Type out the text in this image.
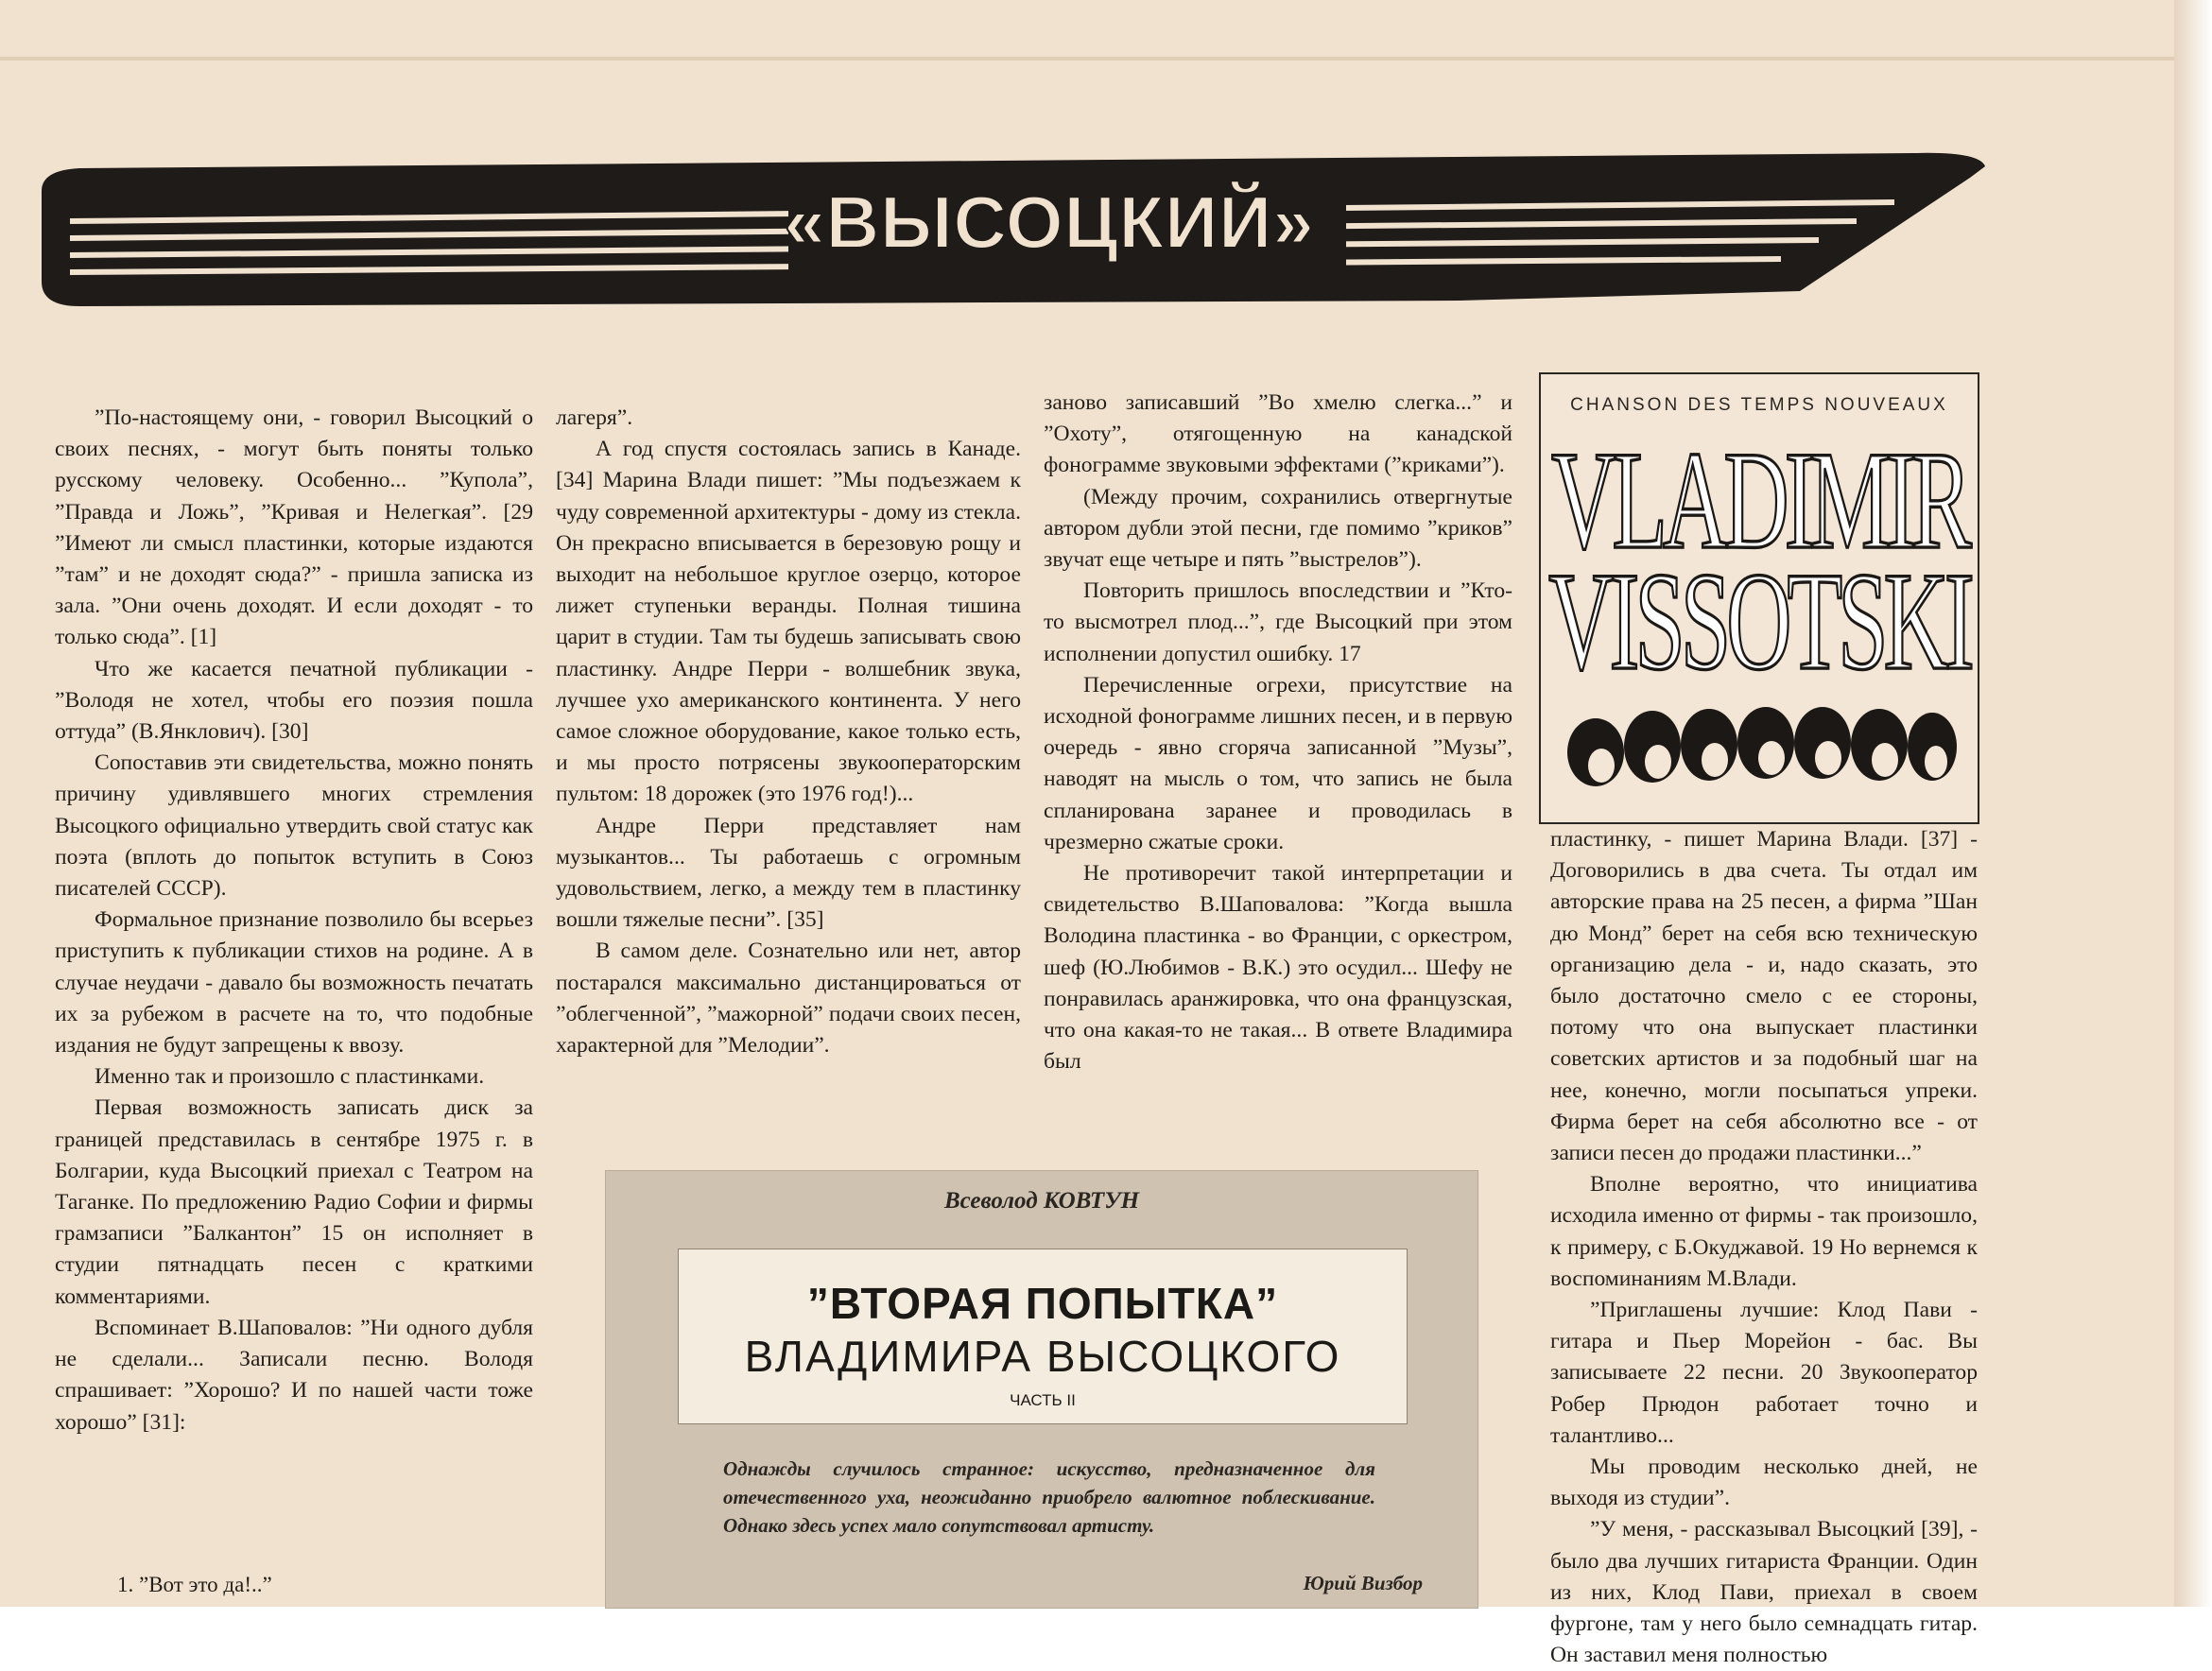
«ВЫСОЦКИЙ»

”По-настоящему они, - говорил Высоцкий о своих песнях, - могут быть поняты только русскому человеку. Особенно... ”Купола”, ”Правда и Ложь”, ”Кривая и Нелегкая”. [29 ”Имеют ли смысл пластинки, которые издаются ”там” и не доходят сюда?” - пришла записка из зала. ”Они очень доходят. И если доходят - то только сюда”. [1]

Что же касается печатной публикации - ”Володя не хотел, чтобы его поэзия пошла оттуда” (В.Янклович). [30]

Сопоставив эти свидетельства, можно понять причину удивлявшего многих стремления Высоцкого официально утвердить свой статус как поэта (вплоть до попыток вступить в Союз писателей СССР).

Формальное признание позволило бы всерьез приступить к публикации стихов на родине. А в случае неудачи - давало бы возможность печатать их за рубежом в расчете на то, что подобные издания не будут запрещены к ввозу.

Именно так и произошло с пластинками.

Первая возможность записать диск за границей представилась в сентябре 1975 г. в Болгарии, куда Высоцкий приехал с Театром на Таганке. По предложению Радио Софии и фирмы грамзаписи ”Балкантон” 15 он исполняет в студии пятнадцать песен с краткими комментариями.

Вспоминает В.Шаповалов: ”Ни одного дубля не сделали... Записали песню. Володя спрашивает: ”Хорошо? И по нашей части тоже хорошо” [31]:

лагеря”.

А год спустя состоялась запись в Канаде. [34] Марина Влади пишет: ”Мы подъезжаем к чуду современной архитектуры - дому из стекла. Он прекрасно вписывается в березовую рощу и выходит на небольшое круглое озерцо, которое лижет ступеньки веранды. Полная тишина царит в студии. Там ты будешь записывать свою пластинку. Андре Перри - волшебник звука, лучшее ухо американского континента. У него самое сложное оборудование, какое только есть, и мы просто потрясены звукооператорским пультом: 18 дорожек (это 1976 год!)...

Андре Перри представляет нам музыкантов... Ты работаешь с огромным удовольствием, легко, а между тем в пластинку вошли тяжелые песни”. [35]

В самом деле. Сознательно или нет, автор постарался максимально дистанцироваться от ”облегченной”, ”мажорной” подачи своих песен, характерной для ”Мелодии”.

заново записавший ”Во хмелю слегка...” и ”Охоту”, отягощенную на канадской фонограмме звуковыми эффектами (”криками”).

(Между прочим, сохранились отвергнутые автором дубли этой песни, где помимо ”криков” звучат еще четыре и пять ”выстрелов”).

Повторить пришлось впоследствии и ”Кто-то высмотрел плод...”, где Высоцкий при этом исполнении допустил ошибку. 17

Перечисленные огрехи, присутствие на исходной фонограмме лишних песен, и в первую очередь - явно сгоряча записанной ”Музы”, наводят на мысль о том, что запись не была спланирована заранее и проводилась в чрезмерно сжатые сроки.

Не противоречит такой интерпретации и свидетельство В.Шаповалова: ”Когда вышла Володина пластинка - во Франции, с оркестром, шеф (Ю.Любимов - В.К.) это осудил... Шефу не понравилась аранжировка, что она французская, что она какая-то не такая... В ответе Владимира был

CHANSON DES TEMPS NOUVEAUX
VLADIMIR
VISSOTSKI

пластинку, - пишет Марина Влади. [37] - Договорились в два счета. Ты отдал им авторские права на 25 песен, а фирма ”Шан дю Монд” берет на себя всю техническую организацию дела - и, надо сказать, это было достаточно смело с ее стороны, потому что она выпускает пластинки советских артистов и за подобный шаг на нее, конечно, могли посыпаться упреки. Фирма берет на себя абсолютно все - от записи песен до продажи пластинки...”

Вполне вероятно, что инициатива исходила именно от фирмы - так произошло, к примеру, с Б.Окуджавой. 19 Но вернемся к воспоминаниям М.Влади.

”Приглашены лучшие: Клод Пави - гитара и Пьер Морейон - бас. Вы записываете 22 песни. 20 Звукооператор Робер Прюдон работает точно и талантливо...

Мы проводим несколько дней, не выходя из студии”.

”У меня, - рассказывал Высоцкий [39], - было два лучших гитариста Франции. Один из них, Клод Пави, приехал в своем фургоне, там у него было семнадцать гитар. Он заставил меня полностью

Всеволод КОВТУН
”ВТОРАЯ ПОПЫТКА”
ВЛАДИМИРА ВЫСОЦКОГО
ЧАСТЬ II
Однажды случилось странное: искусство, предназначенное для отечественного уха, неожиданно приобрело валютное поблескивание. Однако здесь успех мало сопутствовал артисту.
Юрий Визбор
1. ”Вот это да!..”
